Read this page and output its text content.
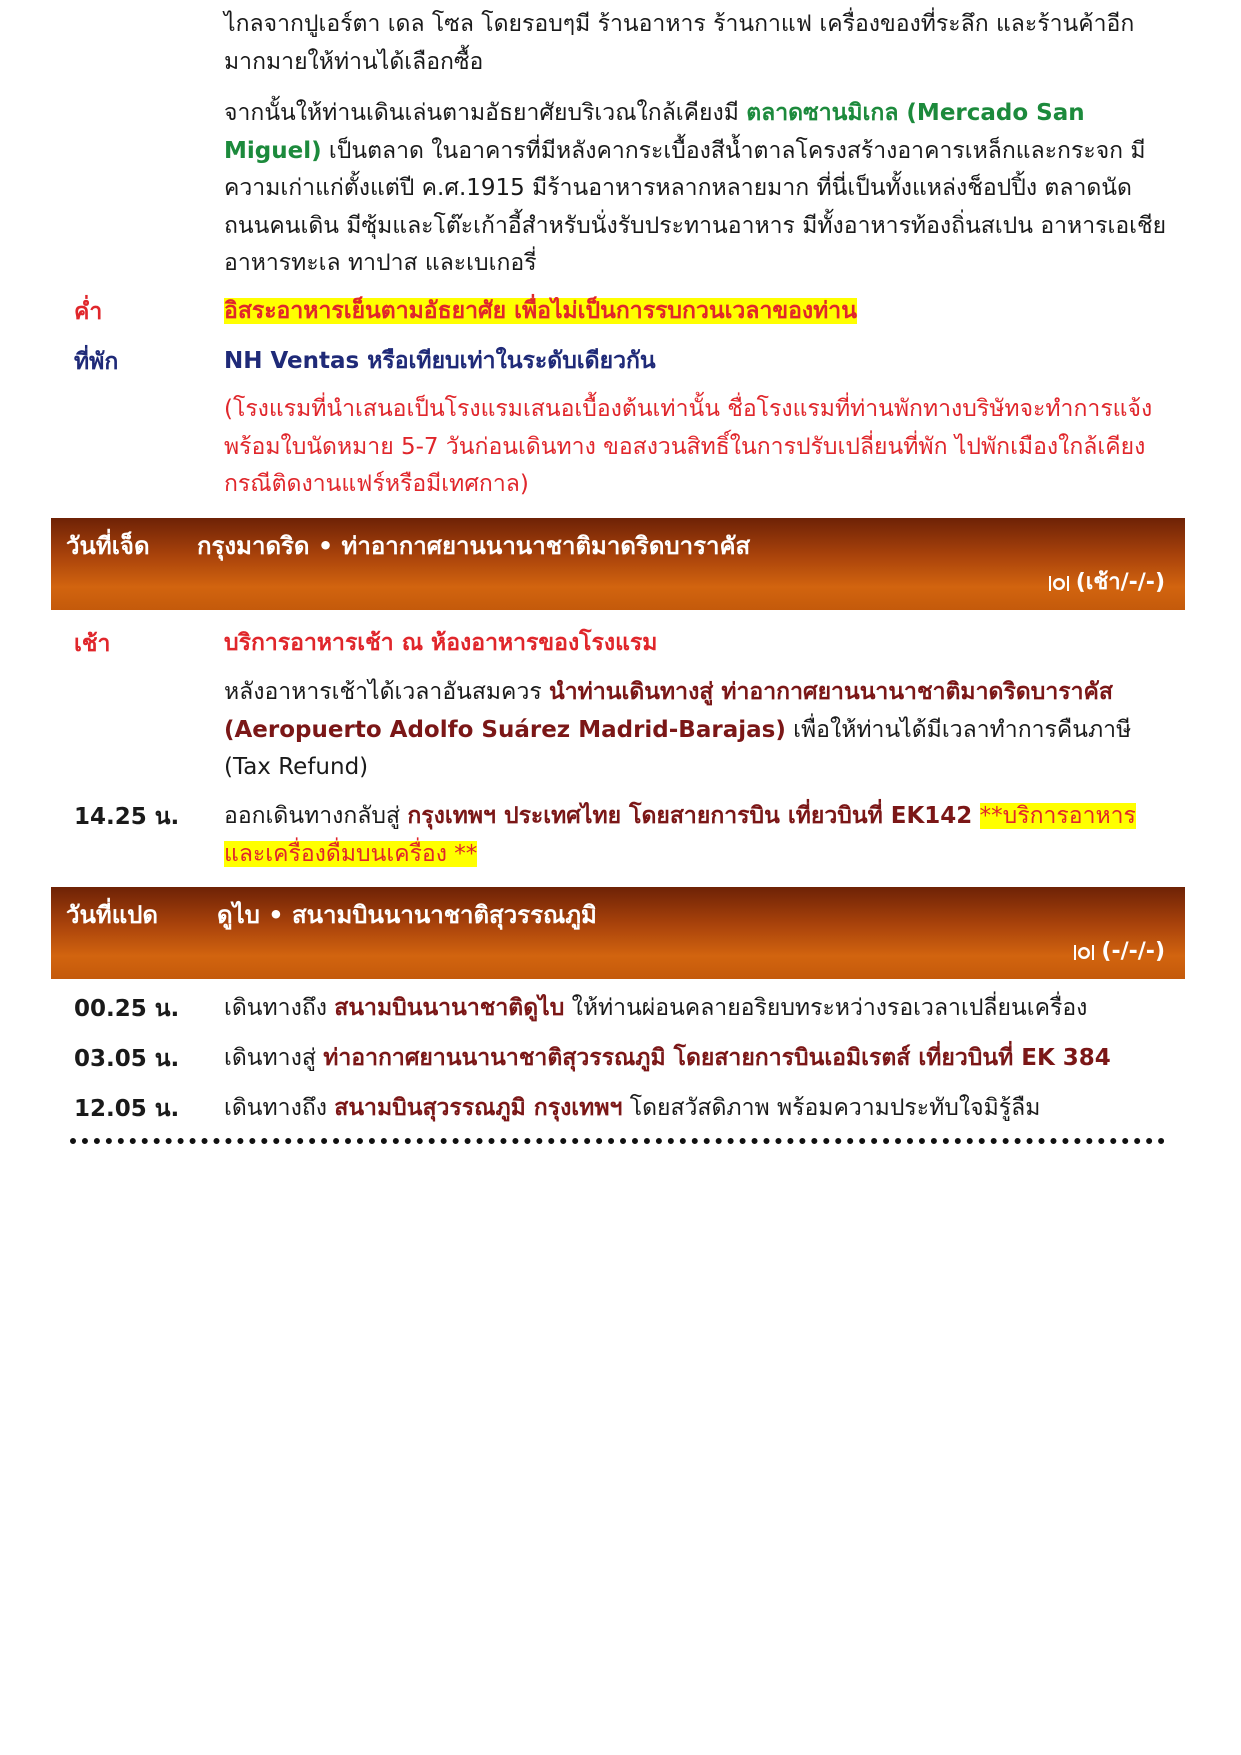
ไกลจากปูเอร์ตา เดล โซล โดยรอบๆมี ร้านอาหาร ร้านกาแฟ เครื่องของที่ระลึก และร้านค้าอีกมากมายให้ท่านได้เลือกซื้อ
จากนั้นให้ท่านเดินเล่นตามอัธยาศัยบริเวณใกล้เคียงมี ตลาดซานมิเกล (Mercado San Miguel) เป็นตลาด ในอาคารที่มีหลังคากระเบื้องสีน้ำตาลโครงสร้างอาคารเหล็กและกระจก มีความเก่าแก่ตั้งแต่ปี ค.ศ.1915 มีร้านอาหารหลากหลายมาก ที่นี่เป็นทั้งแหล่งช็อปปิ้ง ตลาดนัด ถนนคนเดิน มีซุ้มและโต๊ะเก้าอี้สำหรับนั่งรับประทานอาหาร มีทั้งอาหารท้องถิ่นสเปน อาหารเอเชีย อาหารทะเล ทาปาส และเบเกอรี่
ค่ำ	อิสระอาหารเย็นตามอัธยาศัย เพื่อไม่เป็นการรบกวนเวลาของท่าน
ที่พัก	NH Ventas หรือเทียบเท่าในระดับเดียวกัน
(โรงแรมที่นำเสนอเป็นโรงแรมเสนอเบื้องต้นเท่านั้น ชื่อโรงแรมที่ท่านพักทางบริษัทจะทำการแจ้งพร้อมใบนัดหมาย 5-7 วันก่อนเดินทาง ขอสงวนสิทธิ์ในการปรับเปลี่ยนที่พัก ไปพักเมืองใกล้เคียงกรณีติดงานแฟร์หรือมีเทศกาล)
วันที่เจ็ด กรุงมาดริด • ท่าอากาศยานนานาชาติมาดริดบาราคัส
(เช้า/-/-)
เช้า	บริการอาหารเช้า ณ ห้องอาหารของโรงแรม
หลังอาหารเช้าได้เวลาอันสมควร นำท่านเดินทางสู่ ท่าอากาศยานนานาชาติมาดริดบาราคัส (Aeropuerto Adolfo Suárez Madrid-Barajas) เพื่อให้ท่านได้มีเวลาทำการคืนภาษี (Tax Refund)
14.25 น. ออกเดินทางกลับสู่ กรุงเทพฯ ประเทศไทย โดยสายการบิน เที่ยวบินที่ EK142 **บริการอาหารและเครื่องดื่มบนเครื่อง **
วันที่แปด ดูไบ • สนามบินนานาชาติสุวรรณภูมิ
(-/-/-)
00.25 น. เดินทางถึง สนามบินนานาชาติดูไบ ให้ท่านผ่อนคลายอริยบทระหว่างรอเวลาเปลี่ยนเครื่อง
03.05 น. เดินทางสู่ ท่าอากาศยานนานาชาติสุวรรณภูมิ โดยสายการบินเอมิเรตส์ เที่ยวบินที่ EK 384
12.05 น. เดินทางถึง สนามบินสุวรรณภูมิ กรุงเทพฯ โดยสวัสดิภาพ พร้อมความประทับใจมิรู้ลืม
